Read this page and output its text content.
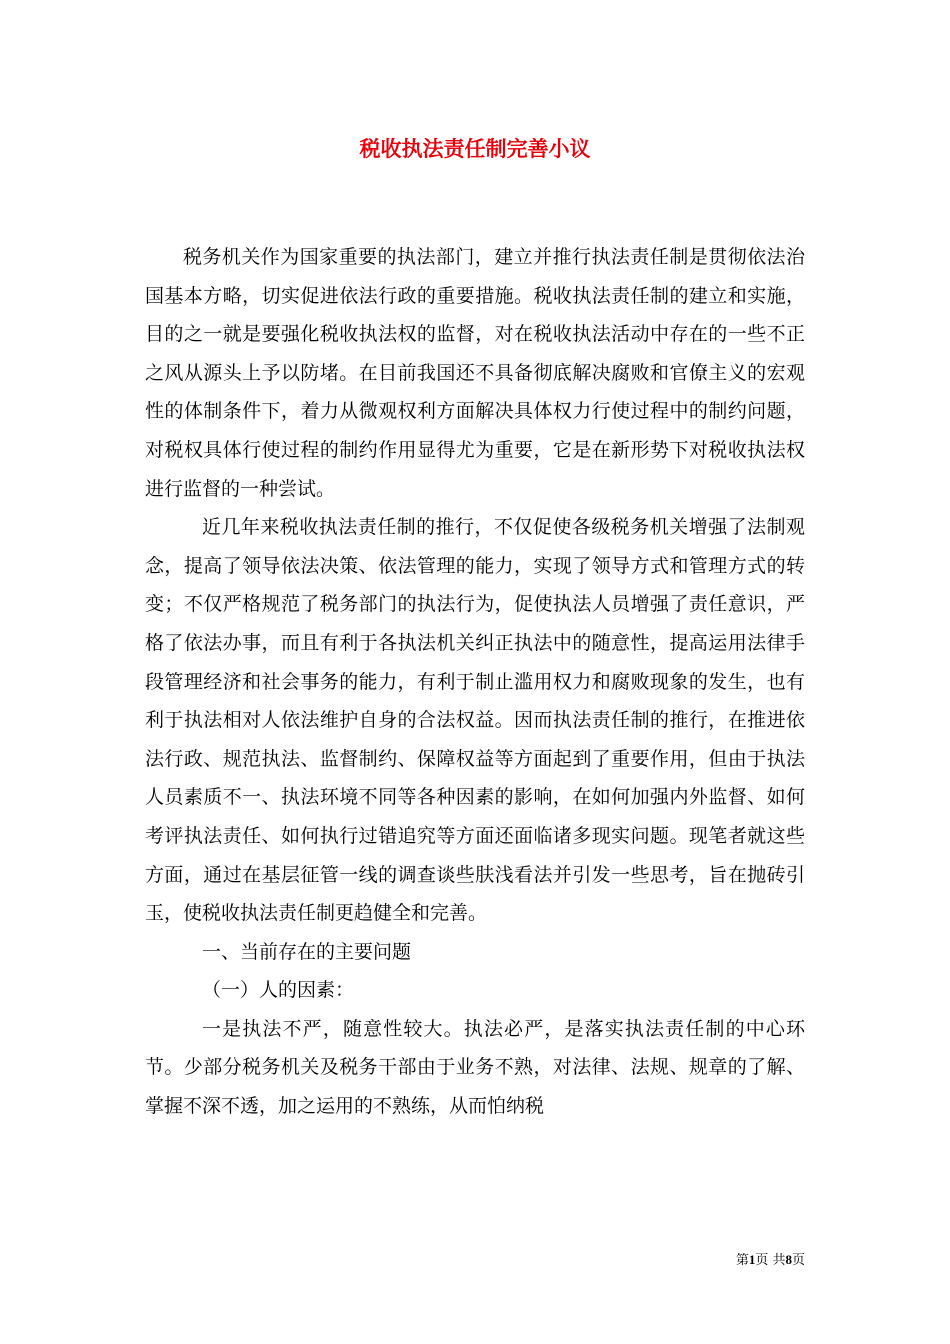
税收执法责任制完善小议

税务机关作为国家重要的执法部门，建立并推行执法责任制是贯彻依法治国基本方略，切实促进依法行政的重要措施。税收执法责任制的建立和实施，目的之一就是要强化税收执法权的监督，对在税收执法活动中存在的一些不正之风从源头上予以防堵。在目前我国还不具备彻底解决腐败和官僚主义的宏观性的体制条件下，着力从微观权利方面解决具体权力行使过程中的制约问题，对税权具体行使过程的制约作用显得尤为重要，它是在新形势下对税收执法权进行监督的一种尝试。

近几年来税收执法责任制的推行，不仅促使各级税务机关增强了法制观念，提高了领导依法决策、依法管理的能力，实现了领导方式和管理方式的转变；不仅严格规范了税务部门的执法行为，促使执法人员增强了责任意识，严格了依法办事，而且有利于各执法机关纠正执法中的随意性，提高运用法律手段管理经济和社会事务的能力，有利于制止滥用权力和腐败现象的发生，也有利于执法相对人依法维护自身的合法权益。因而执法责任制的推行，在推进依法行政、规范执法、监督制约、保障权益等方面起到了重要作用，但由于执法人员素质不一、执法环境不同等各种因素的影响，在如何加强内外监督、如何考评执法责任、如何执行过错追究等方面还面临诸多现实问题。现笔者就这些方面，通过在基层征管一线的调查谈些肤浅看法并引发一些思考，旨在抛砖引玉，使税收执法责任制更趋健全和完善。

一、当前存在的主要问题

（一）人的因素：

一是执法不严，随意性较大。执法必严，是落实执法责任制的中心环节。少部分税务机关及税务干部由于业务不熟，对法律、法规、规章的了解、掌握不深不透，加之运用的不熟练，从而怕纳税

第1页 共8页
